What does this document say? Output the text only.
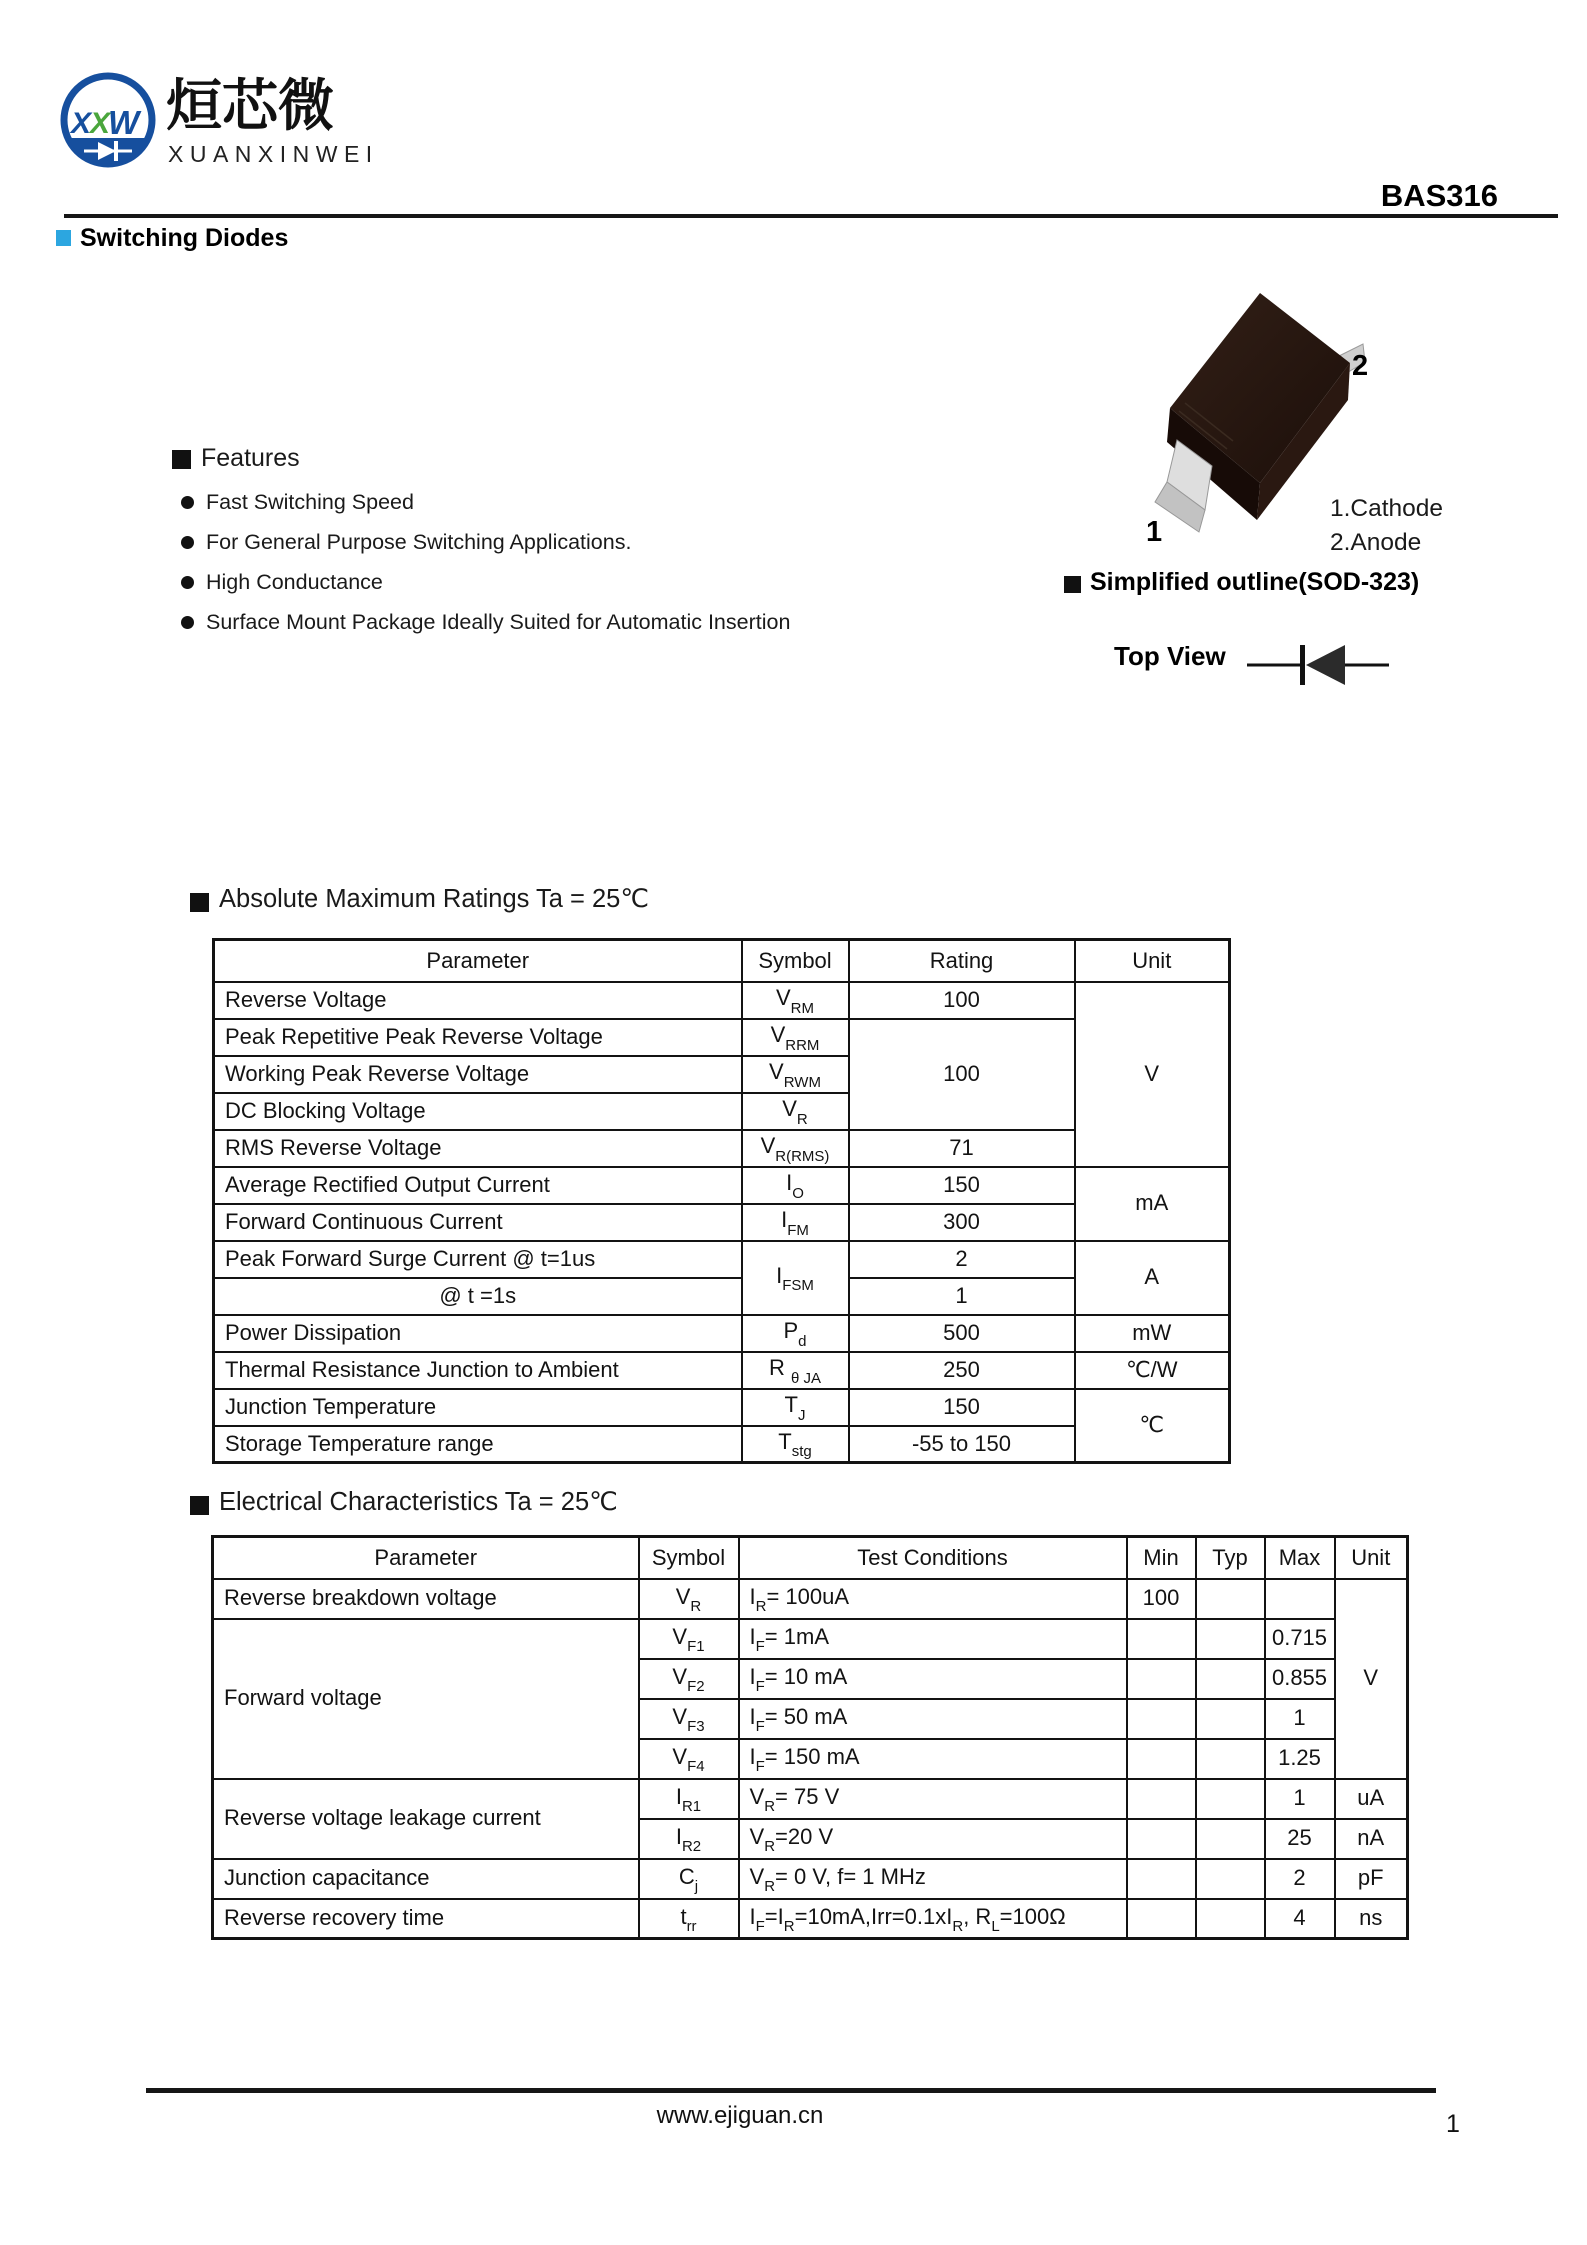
X
X
W 烜芯微
XUANXINWEI
BAS316
Switching Diodes
Features
Fast Switching Speed
For General Purpose Switching Applications.
High Conductance
Surface Mount Package Ideally Suited for Automatic Insertion
2
1
1.Cathode
2.Anode
Simplified outline(SOD-323)
Top View
Absolute Maximum Ratings Ta = 25℃
Parameter	Symbol	Rating	Unit
Reverse Voltage	$V_{RM}$	100	V
Peak Repetitive Peak Reverse Voltage	$V_{RRM}$	100	
Working Peak Reverse Voltage	$V_{RWM}$
DC Blocking Voltage	$V_R$
RMS Reverse Voltage	$V_{R(RMS)}$	71	
Average Rectified Output Current	$I_O$	150	mA
Forward Continuous Current	$I_{FM}$	300	
Peak Forward Surge Current @ t=1us	$I_{FSM}$	2	A
@ t =1s		1	
Power Dissipation	$P_d$	500	mW
Thermal Resistance Junction to Ambient	R $_{\theta JA}$	250	℃/W
Junction Temperature	$T_J$	150	℃
Storage Temperature range	$T_{stg}$	-55 to 150	
Electrical Characteristics Ta = 25℃
Parameter	Symbol	Test Conditions	Min	Typ	Max	Unit
Reverse breakdown voltage	$V_R$	$I_R= 100uA$	100			V
Forward voltage	$V_{F1}$	$I_F= 1mA$			0.715	
	$V_{F2}$	$I_F= 10$ mA			0.855	
	$V_{F3}$	$I_F= 50$ mA			1	
	$V_{F4}$	$I_F= 150$ mA			1.25	
Reverse voltage leakage current	$I_{R1}$	$V_R= 75$ V			1	uA
	$I_{R2}$	$V_R=20$ V			25	nA
Junction capacitance	$C_j$	$V_R= 0$ V, f= 1 MHz			2	pF
Reverse recovery time	$t_{rr}$	$I_F=I_R=10mA,Irr=0.1xI_R$, $R_L=100\Omega$			4	ns
www.ejiguan.cn	1
